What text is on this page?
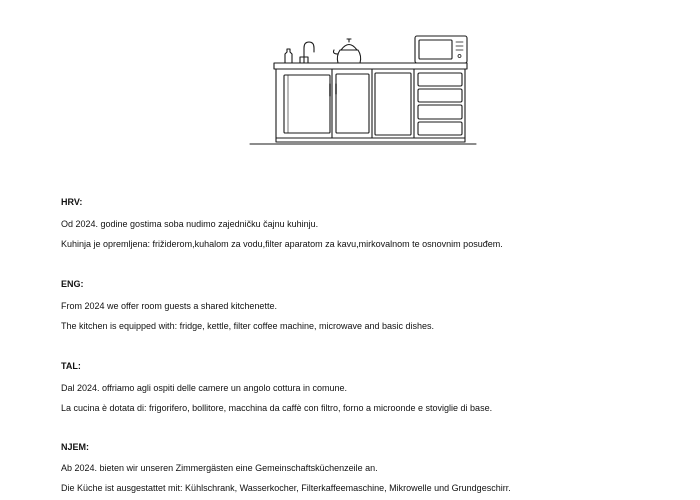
HRV:

Od 2024. godine gostima soba nudimo zajedničku čajnu kuhinju.

Kuhinja je opremljena: frižiderom,kuhalom za vodu,filter aparatom za kavu,mirkovalnom te osnovnim posuđem.

ENG:

From 2024 we offer room guests a shared kitchenette.

The kitchen is equipped with: fridge, kettle, filter coffee machine, microwave and basic dishes.

TAL:

Dal 2024. offriamo agli ospiti delle camere un angolo cottura in comune.

La cucina è dotata di: frigorifero, bollitore, macchina da caffè con filtro, forno a microonde e stoviglie di base.

NJEM:

Ab 2024. bieten wir unseren Zimmergästen eine Gemeinschaftsküchenzeile an.

Die Küche ist ausgestattet mit: Kühlschrank, Wasserkocher, Filterkaffeemaschine, Mikrowelle und Grundgeschirr.
